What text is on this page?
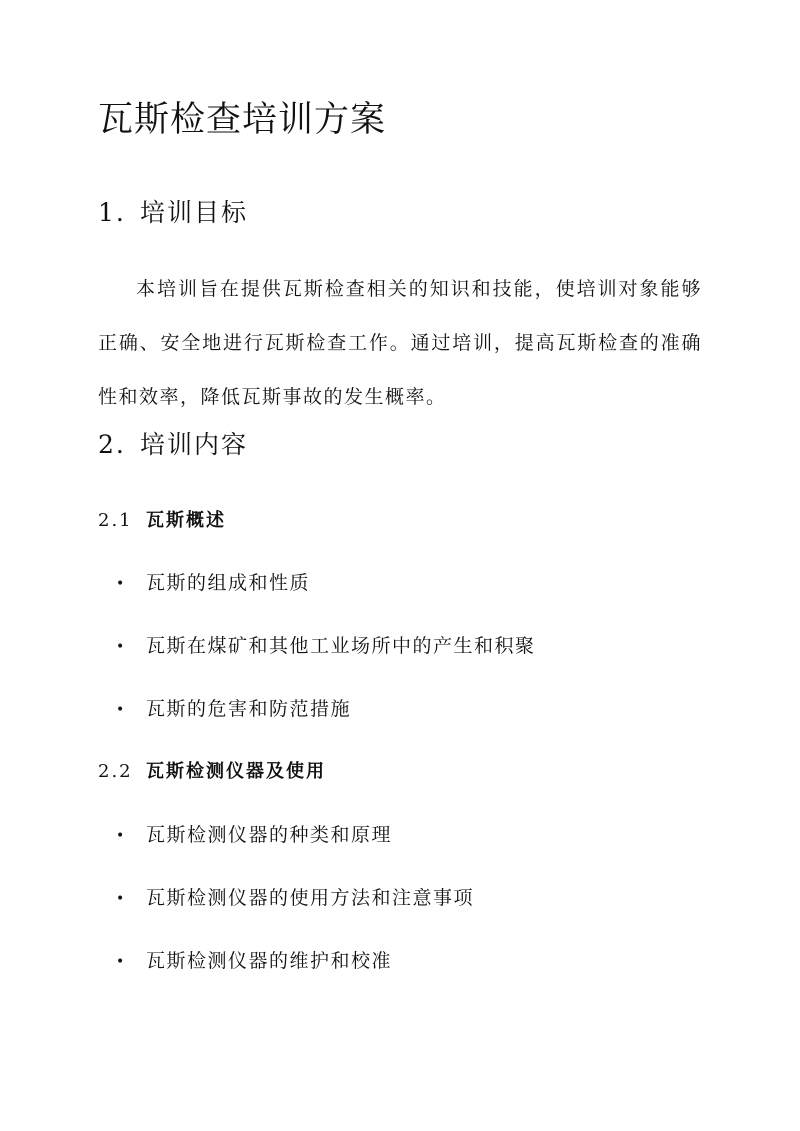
瓦斯检查培训方案
1. 培训目标

本培训旨在提供瓦斯检查相关的知识和技能，使培训对象能够正确、安全地进行瓦斯检查工作。通过培训，提高瓦斯检查的准确性和效率，降低瓦斯事故的发生概率。

2. 培训内容
2.1 瓦斯概述

• 瓦斯的组成和性质

• 瓦斯在煤矿和其他工业场所中的产生和积聚

• 瓦斯的危害和防范措施

2.2 瓦斯检测仪器及使用

• 瓦斯检测仪器的种类和原理

• 瓦斯检测仪器的使用方法和注意事项

• 瓦斯检测仪器的维护和校准
